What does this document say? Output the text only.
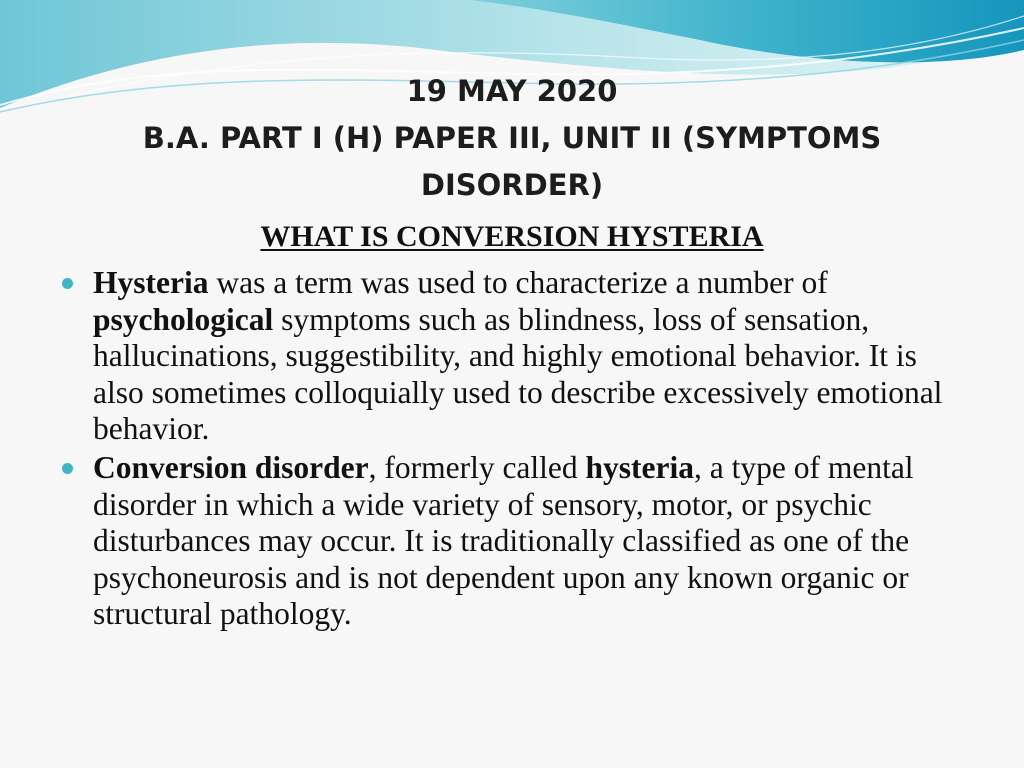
19 MAY 2020
B.A. PART I (H) PAPER III, UNIT II (SYMPTOMS
DISORDER)
WHAT IS CONVERSION HYSTERIA
Hysteria was a term was used to characterize a number of psychological symptoms such as blindness, loss of sensation, hallucinations, suggestibility, and highly emotional behavior. It is also sometimes colloquially used to describe excessively emotional behavior.
Conversion disorder, formerly called hysteria, a type of mental disorder in which a wide variety of sensory, motor, or psychic disturbances may occur. It is traditionally classified as one of the psychoneurosis and is not dependent upon any known organic or structural pathology.
